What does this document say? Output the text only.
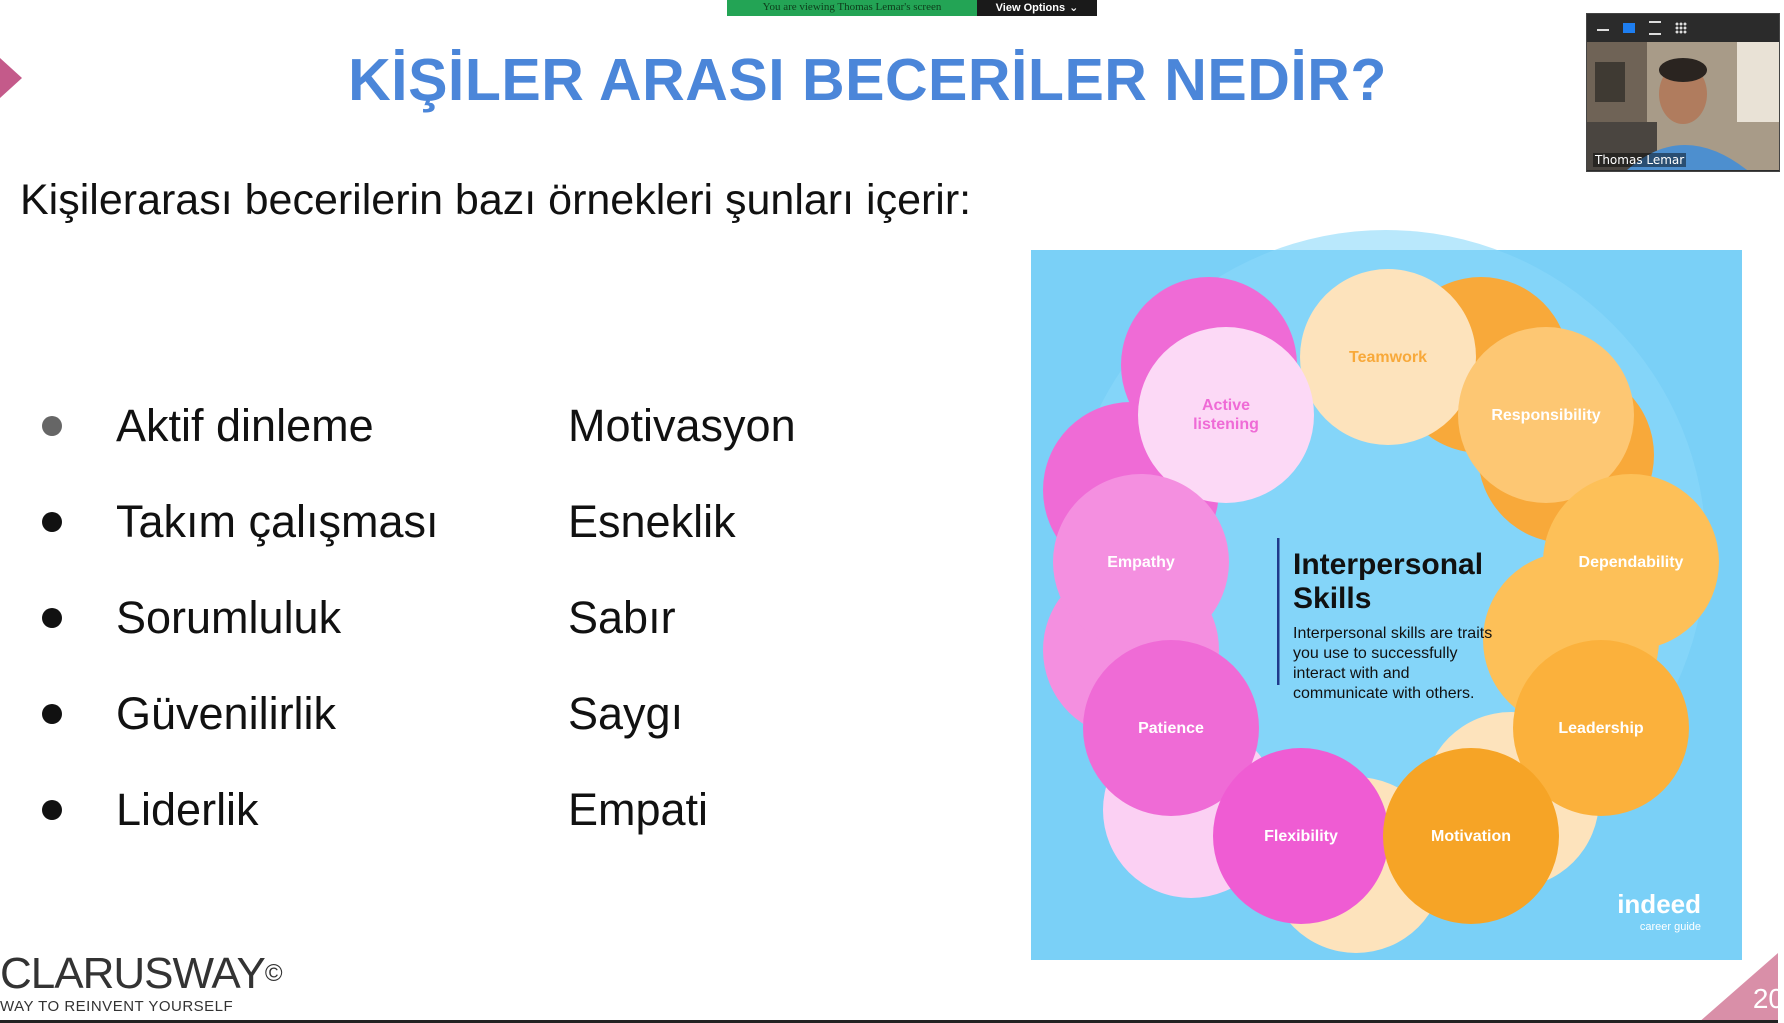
You are viewing Thomas Lemar's screen	View Options ⌄
KİŞİLER ARASI BECERİLER NEDİR?

Kişilerarası becerilerin bazı örnekleri şunları içerir:

Aktif dinleme
Takım çalışması
Sorumluluk
Güvenilirlik
Liderlik
Motivasyon
Esneklik
Sabır
Saygı
Empati
Teamwork
Responsibility
Dependability
Leadership
Motivation
Flexibility
Patience
Empathy
Active
listening
Interpersonal
Skills
Interpersonal skills are traits
you use to successfully
interact with and
communicate with others.
indeed
career guide
CLARUSWAY©
WAY TO REINVENT YOURSELF	20
Thomas Lemar
